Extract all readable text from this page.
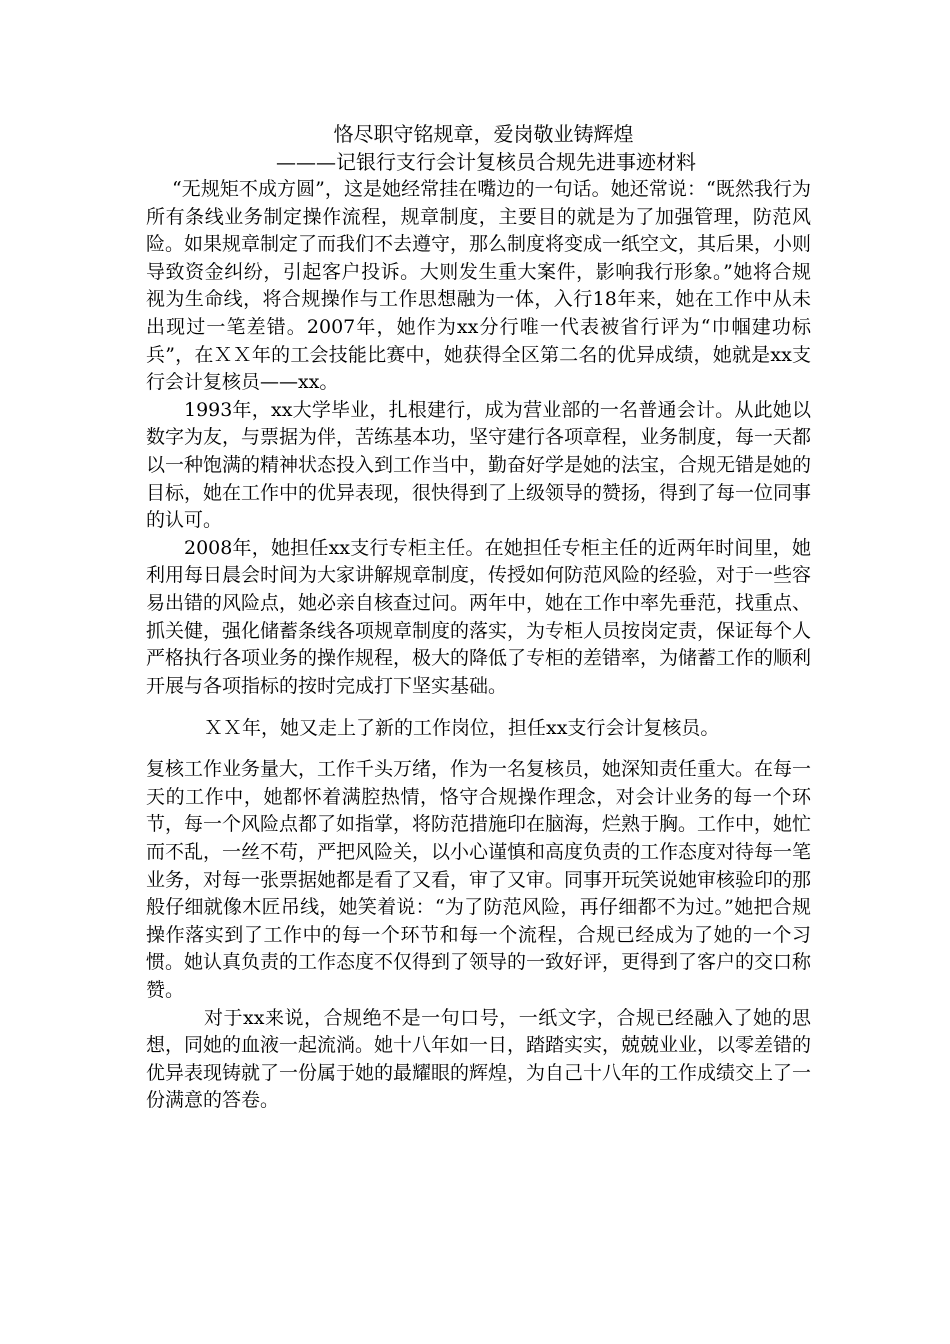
恪尽职守铭规章，爱岗敬业铸辉煌

———记银行支行会计复核员合规先进事迹材料

“无规矩不成方圆”，这是她经常挂在嘴边的一句话。她还常说：“既然我行为所有条线业务制定操作流程，规章制度，主要目的就是为了加强管理，防范风险。如果规章制定了而我们不去遵守，那么制度将变成一纸空文，其后果，小则导致资金纠纷，引起客户投诉。大则发生重大案件，影响我行形象。”她将合规视为生命线，将合规操作与工作思想融为一体，入行18年来，她在工作中从未出现过一笔差错。2007年，她作为xx分行唯一代表被省行评为“巾帼建功标兵”，在ＸＸ年的工会技能比赛中，她获得全区第二名的优异成绩，她就是xx支行会计复核员——xx。

1993年，xx大学毕业，扎根建行，成为营业部的一名普通会计。从此她以数字为友，与票据为伴，苦练基本功，坚守建行各项章程，业务制度，每一天都以一种饱满的精神状态投入到工作当中，勤奋好学是她的法宝，合规无错是她的目标，她在工作中的优异表现，很快得到了上级领导的赞扬，得到了每一位同事的认可。

2008年，她担任xx支行专柜主任。在她担任专柜主任的近两年时间里，她利用每日晨会时间为大家讲解规章制度，传授如何防范风险的经验，对于一些容易出错的风险点，她必亲自核查过问。两年中，她在工作中率先垂范，找重点、抓关健，强化储蓄条线各项规章制度的落实，为专柜人员按岗定责，保证每个人严格执行各项业务的操作规程，极大的降低了专柜的差错率，为储蓄工作的顺利开展与各项指标的按时完成打下坚实基础。

ＸＸ年，她又走上了新的工作岗位，担任xx支行会计复核员。

复核工作业务量大，工作千头万绪，作为一名复核员，她深知责任重大。在每一天的工作中，她都怀着满腔热情，恪守合规操作理念，对会计业务的每一个环节，每一个风险点都了如指掌，将防范措施印在脑海，烂熟于胸。工作中，她忙而不乱，一丝不苟，严把风险关，以小心谨慎和高度负责的工作态度对待每一笔业务，对每一张票据她都是看了又看，审了又审。同事开玩笑说她审核验印的那般仔细就像木匠吊线，她笑着说：“为了防范风险，再仔细都不为过。”她把合规操作落实到了工作中的每一个环节和每一个流程，合规已经成为了她的一个习惯。她认真负责的工作态度不仅得到了领导的一致好评，更得到了客户的交口称赞。

对于xx来说，合规绝不是一句口号，一纸文字，合规已经融入了她的思想，同她的血液一起流淌。她十八年如一日，踏踏实实，兢兢业业，以零差错的优异表现铸就了一份属于她的最耀眼的辉煌，为自己十八年的工作成绩交上了一份满意的答卷。
